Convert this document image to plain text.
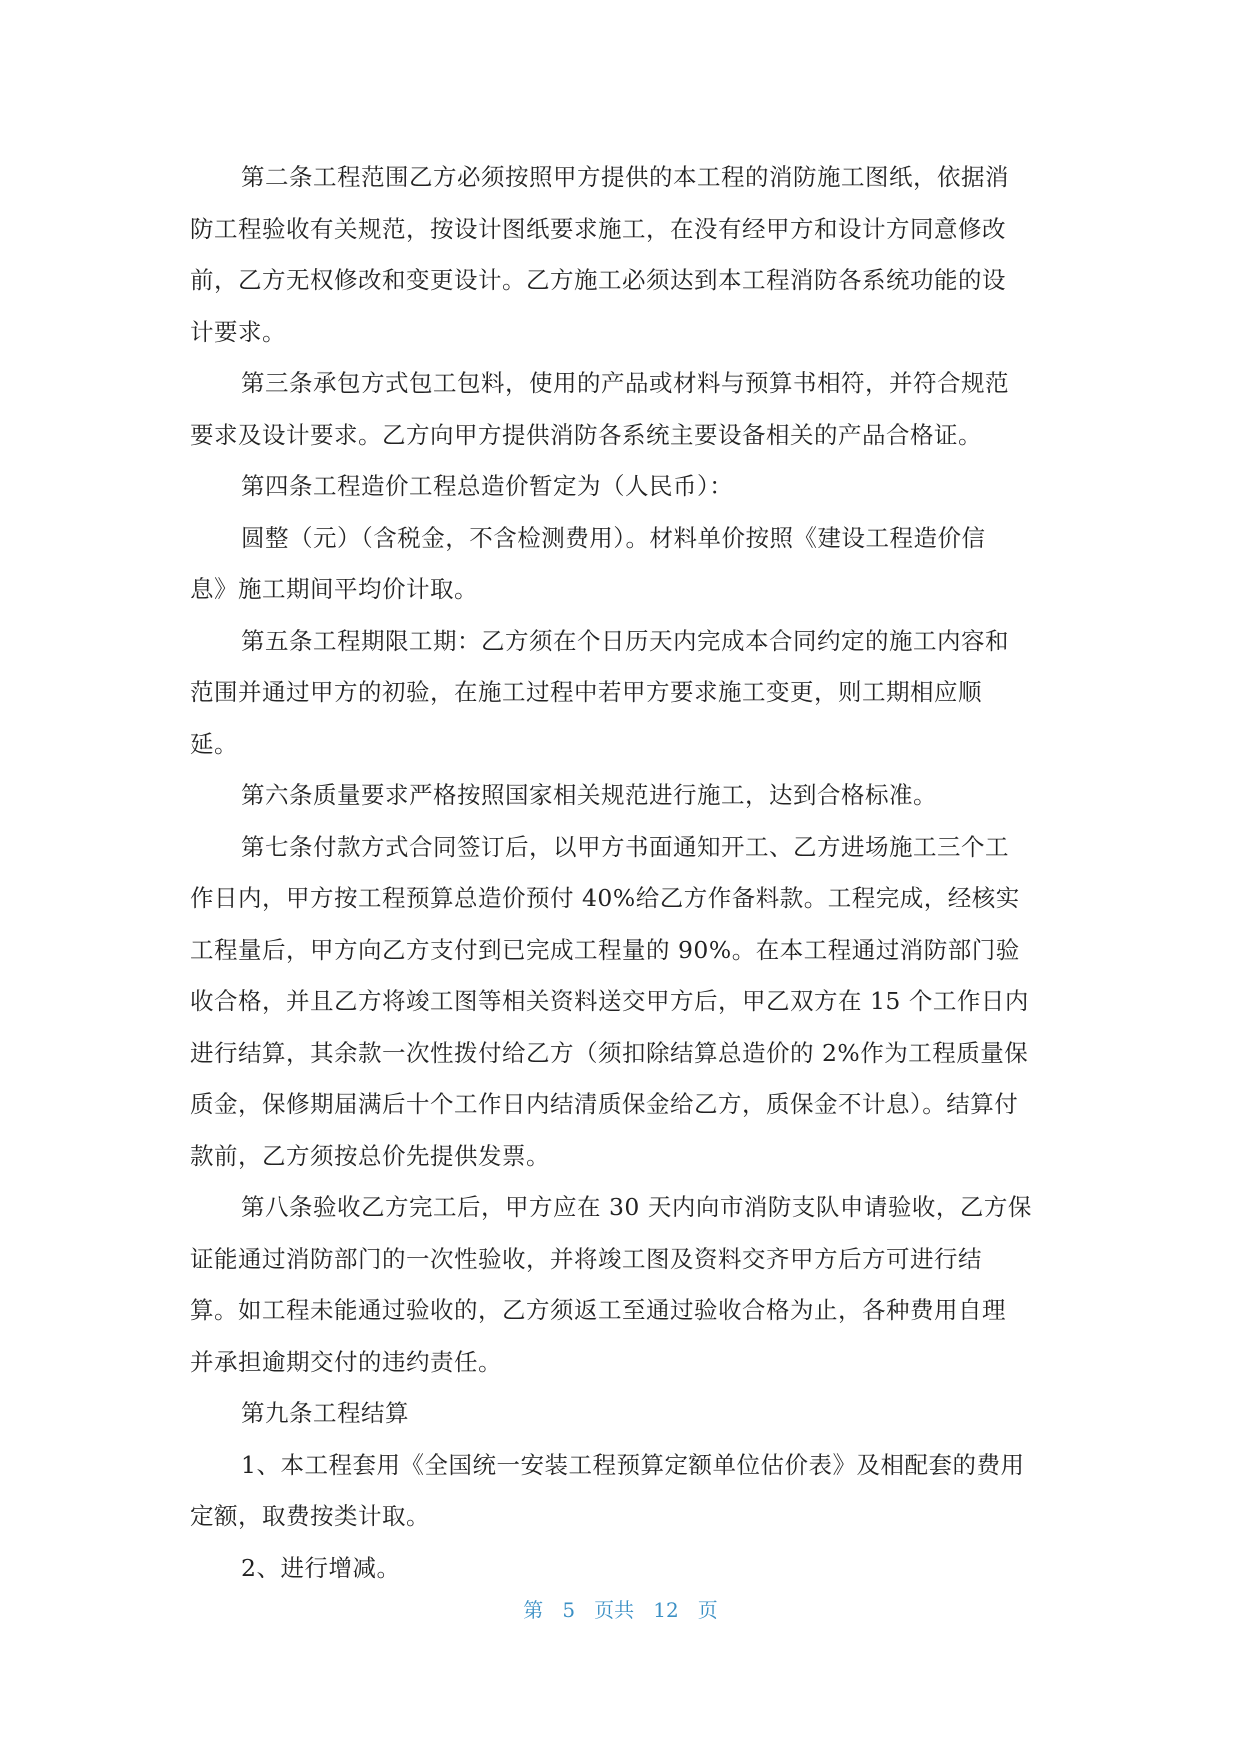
第二条工程范围乙方必须按照甲方提供的本工程的消防施工图纸，依据消
防工程验收有关规范，按设计图纸要求施工，在没有经甲方和设计方同意修改
前，乙方无权修改和变更设计。乙方施工必须达到本工程消防各系统功能的设
计要求。
第三条承包方式包工包料，使用的产品或材料与预算书相符，并符合规范
要求及设计要求。乙方向甲方提供消防各系统主要设备相关的产品合格证。
第四条工程造价工程总造价暂定为（人民币）：
圆整（元）（含税金，不含检测费用）。材料单价按照《建设工程造价信
息》施工期间平均价计取。
第五条工程期限工期：乙方须在个日历天内完成本合同约定的施工内容和
范围并通过甲方的初验，在施工过程中若甲方要求施工变更，则工期相应顺
延。
第六条质量要求严格按照国家相关规范进行施工，达到合格标准。
第七条付款方式合同签订后，以甲方书面通知开工、乙方进场施工三个工
作日内，甲方按工程预算总造价预付 40%给乙方作备料款。工程完成，经核实
工程量后，甲方向乙方支付到已完成工程量的 90%。在本工程通过消防部门验
收合格，并且乙方将竣工图等相关资料送交甲方后，甲乙双方在 15 个工作日内
进行结算，其余款一次性拨付给乙方（须扣除结算总造价的 2%作为工程质量保
质金，保修期届满后十个工作日内结清质保金给乙方，质保金不计息）。结算付
款前，乙方须按总价先提供发票。
第八条验收乙方完工后，甲方应在 30 天内向市消防支队申请验收，乙方保
证能通过消防部门的一次性验收，并将竣工图及资料交齐甲方后方可进行结
算。如工程未能通过验收的，乙方须返工至通过验收合格为止，各种费用自理
并承担逾期交付的违约责任。
第九条工程结算
1、本工程套用《全国统一安装工程预算定额单位估价表》及相配套的费用
定额，取费按类计取。
2、进行增减。
第 5 页共 12 页
